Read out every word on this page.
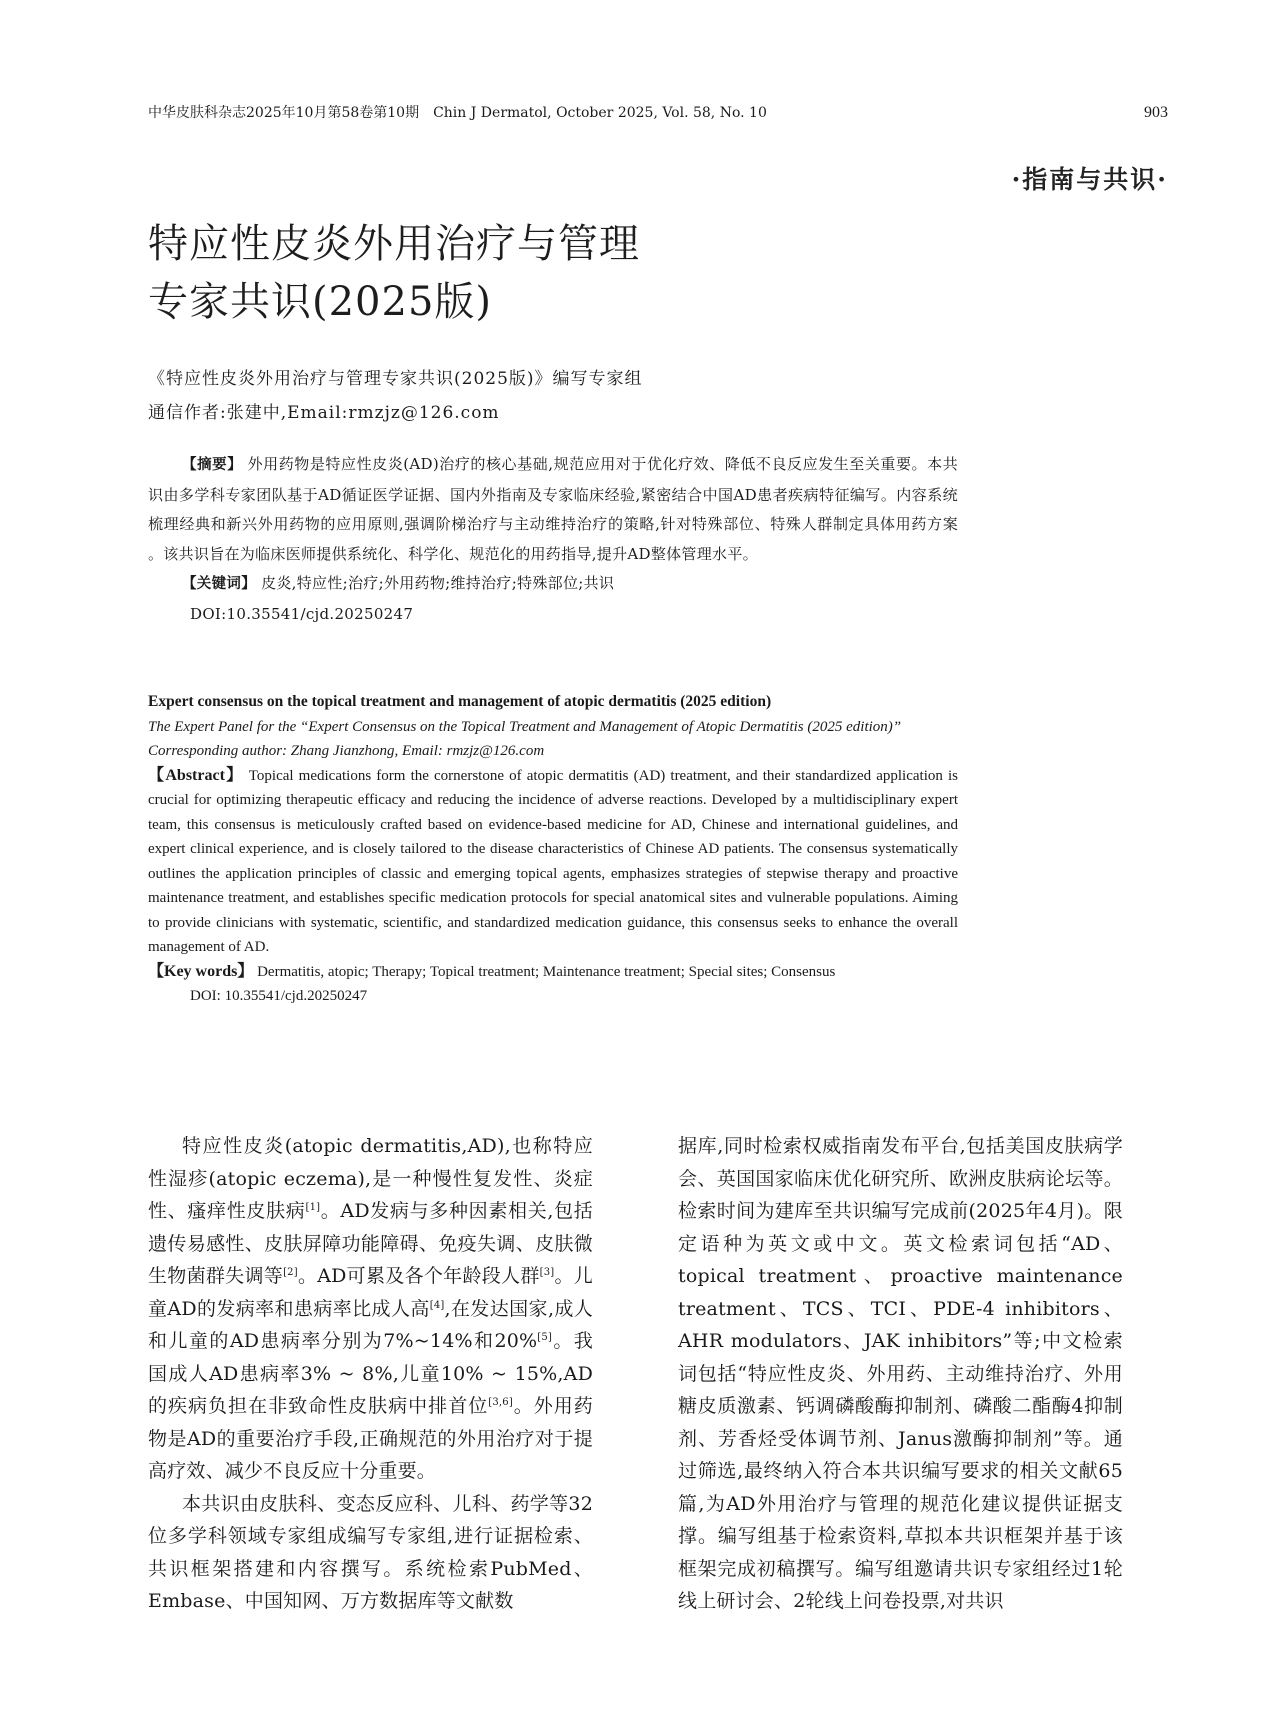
中华皮肤科杂志2025年10月第58卷第10期　Chin J Dermatol, October 2025, Vol. 58, No. 10	903
·指南与共识·
特应性皮炎外用治疗与管理
专家共识(2025版)
《特应性皮炎外用治疗与管理专家共识(2025版)》编写专家组
通信作者:张建中,Email:rmzjz@126.com

【摘要】 外用药物是特应性皮炎(AD)治疗的核心基础,规范应用对于优化疗效、降低不良反应发生至关重要。本共识由多学科专家团队基于AD循证医学证据、国内外指南及专家临床经验,紧密结合中国AD患者疾病特征编写。内容系统梳理经典和新兴外用药物的应用原则,强调阶梯治疗与主动维持治疗的策略,针对特殊部位、特殊人群制定具体用药方案 。该共识旨在为临床医师提供系统化、科学化、规范化的用药指导,提升AD整体管理水平。

【关键词】 皮炎,特应性;治疗;外用药物;维持治疗;特殊部位;共识

DOI:10.35541/cjd.20250247

Expert consensus on the topical treatment and management of atopic dermatitis (2025 edition)

The Expert Panel for the “Expert Consensus on the Topical Treatment and Management of Atopic Dermatitis (2025 edition)”

Corresponding author: Zhang Jianzhong, Email: rmzjz@126.com

【Abstract】 Topical medications form the cornerstone of atopic dermatitis (AD) treatment, and their standardized application is crucial for optimizing therapeutic efficacy and reducing the incidence of adverse reactions. Developed by a multidisciplinary expert team, this consensus is meticulously crafted based on evidence-based medicine for AD, Chinese and international guidelines, and expert clinical experience, and is closely tailored to the disease characteristics of Chinese AD patients. The consensus systematically outlines the application principles of classic and emerging topical agents, emphasizes strategies of stepwise therapy and proactive maintenance treatment, and establishes specific medication protocols for special anatomical sites and vulnerable populations. Aiming to provide clinicians with systematic, scientific, and standardized medication guidance, this consensus seeks to enhance the overall management of AD.

【Key words】 Dermatitis, atopic; Therapy; Topical treatment; Maintenance treatment; Special sites; Consensus

DOI: 10.35541/cjd.20250247

特应性皮炎(atopic dermatitis,AD),也称特应性湿疹(atopic eczema),是一种慢性复发性、炎症性、瘙痒性皮肤病[1]。AD发病与多种因素相关,包括遗传易感性、皮肤屏障功能障碍、免疫失调、皮肤微生物菌群失调等[2]。AD可累及各个年龄段人群[3]。儿童AD的发病率和患病率比成人高[4],在发达国家,成人和儿童的AD患病率分别为7%~14%和20%[5]。我国成人AD患病率3% ~ 8%,儿童10% ~ 15%,AD的疾病负担在非致命性皮肤病中排首位[3,6]。外用药物是AD的重要治疗手段,正确规范的外用治疗对于提高疗效、减少不良反应十分重要。

本共识由皮肤科、变态反应科、儿科、药学等32位多学科领域专家组成编写专家组,进行证据检索、共识框架搭建和内容撰写。系统检索PubMed、Embase、中国知网、万方数据库等文献数

据库,同时检索权威指南发布平台,包括美国皮肤病学会、英国国家临床优化研究所、欧洲皮肤病论坛等。检索时间为建库至共识编写完成前(2025年4月)。限定语种为英文或中文。英文检索词包括“AD、topical treatment、proactive maintenance treatment、TCS、TCI、PDE-4 inhibitors、AHR modulators、JAK inhibitors”等;中文检索词包括“特应性皮炎、外用药、主动维持治疗、外用糖皮质激素、钙调磷酸酶抑制剂、磷酸二酯酶4抑制剂、芳香烃受体调节剂、Janus激酶抑制剂”等。通过筛选,最终纳入符合本共识编写要求的相关文献65篇,为AD外用治疗与管理的规范化建议提供证据支撑。编写组基于检索资料,草拟本共识框架并基于该框架完成初稿撰写。编写组邀请共识专家组经过1轮线上研讨会、2轮线上问卷投票,对共识
